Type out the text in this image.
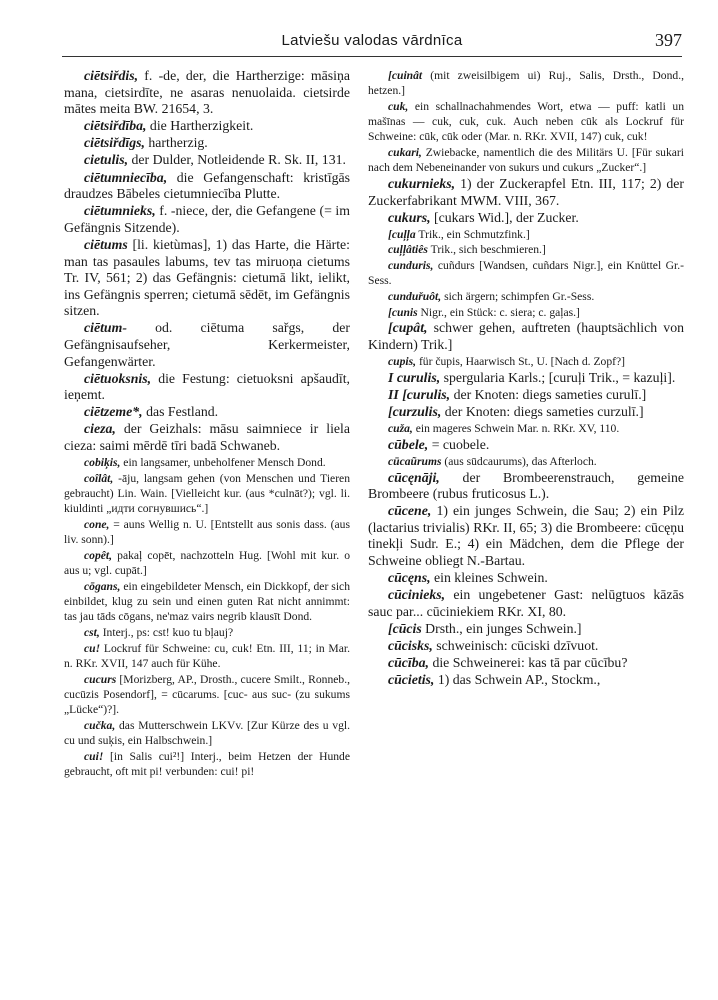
Latviešu valodas vārdnīca	397

ciētsiřdis, f. -de, der, die Hartherzige: māsiņa mana, cietsirdīte, ne asaras nenuolaida. cietsirde mātes meita BW. 21654, 3.

ciētsiřdība, die Hartherzigkeit.

ciētsiřdīgs, hartherzig.

cietulis, der Dulder, Notleidende R. Sk. II, 131.

ciētumniecība, die Gefangenschaft: kristīgās draudzes Bābeles cietumniecība Plutte.

ciētumnieks, f. -niece, der, die Gefangene (= im Gefängnis Sitzende).

ciētums [li. kietùmas], 1) das Harte, die Härte: man tas pasaules labums, tev tas miruoņa cietums Tr. IV, 561; 2) das Gefängnis: cietumā likt, ielikt, ins Gefängnis sperren; cietumā sēdēt, im Gefängnis sitzen.

ciētum- od. ciētuma sařgs, der Gefängnisaufseher, Kerkermeister, Gefangenwärter.

ciētuoksnis, die Festung: cietuoksni apšaudīt, ieņemt.

ciētzeme*, das Festland.

cieza, der Geizhals: māsu saimniece ir liela cieza: saimi mērdē tīri badā Schwaneb.

cobiķis, ein langsamer, unbeholfener Mensch Dond.

coîlât, -āju, langsam gehen (von Menschen und Tieren gebraucht) Lin. Wain. [Vielleicht kur. (aus *culnāt?); vgl. li. kiuldinti „идти согнувшись“.]

cone, = auns Wellig n. U. [Entstellt aus sonis dass. (aus liv. sonn).]

copêt, pakaļ copēt, nachzotteln Hug. [Wohl mit kur. o aus u; vgl. cupāt.]

cōgans, ein eingebildeter Mensch, ein Dickkopf, der sich einbildet, klug zu sein und einen guten Rat nicht annimmt: tas jau tāds cōgans, ne'maz vairs negrib klausīt Dond.

cst, Interj., ps: cst! kuo tu bļauj?

cu! Lockruf für Schweine: cu, cuk! Etn. III, 11; in Mar. n. RKr. XVII, 147 auch für Kühe.

cucurs [Morizberg, AP., Drosth., cucere Smilt., Ronneb., cucūzis Posendorf], = cūcarums. [cuc- aus suc- (zu sukums „Lücke“)?].

cučka, das Mutterschwein LKVv. [Zur Kürze des u vgl. cu und suķis, ein Halbschwein.]

cui! [in Salis cui²!] Interj., beim Hetzen der Hunde gebraucht, oft mit pi! verbunden: cui! pi!

[cuinât (mit zweisilbigem ui) Ruj., Salis, Drsth., Dond., hetzen.]

cuk, ein schallnachahmendes Wort, etwa — puff: katli un mašīnas — cuk, cuk, cuk. Auch neben cūk als Lockruf für Schweine: cūk, cūk oder (Mar. n. RKr. XVII, 147) cuk, cuk!

cukari, Zwiebacke, namentlich die des Militärs U. [Für sukari nach dem Nebeneinander von sukurs und cukurs „Zucker“.]

cukurnieks, 1) der Zuckerapfel Etn. III, 117; 2) der Zuckerfabrikant MWM. VIII, 367.

cukurs, [cukars Wid.], der Zucker.

[cuļļa Trik., ein Schmutzfink.]

cuļļâtiês Trik., sich beschmieren.]

cunduris, cuñdurs [Wandsen, cuñdars Nigr.], ein Knüttel Gr.-Sess.

cunduřuôt, sich ärgern; schimpfen Gr.-Sess.

[cunis Nigr., ein Stück: c. siera; c. gaļas.]

[cupât, schwer gehen, auftreten (hauptsächlich von Kindern) Trik.]

cupis, für čupis, Haarwisch St., U. [Nach d. Zopf?]

I curulis, spergularia Karls.; [curuļi Trik., = kazuļi].

II [curulis, der Knoten: diegs sameties curulī.]

[curzulis, der Knoten: diegs sameties curzulī.]

cuža, ein mageres Schwein Mar. n. RKr. XV, 110.

cūbele, = cuobele.

cūcaũrums (aus sūdcaurums), das Afterloch.

cūcęnāji, der Brombeerenstrauch, gemeine Brombeere (rubus fruticosus L.).

cūcene, 1) ein junges Schwein, die Sau; 2) ein Pilz (lactarius trivialis) RKr. II, 65; 3) die Brombeere: cūcęņu tinekļi Sudr. E.; 4) ein Mädchen, dem die Pflege der Schweine obliegt N.-Bartau.

cūcęns, ein kleines Schwein.

cūcinieks, ein ungebetener Gast: nelūgtuos kāzās sauc par... cūciniekiem RKr. XI, 80.

[cūcis Drsth., ein junges Schwein.]

cūcisks, schweinisch: cūciski dzīvuot.

cūcība, die Schweinerei: kas tā par cūcību?

cūcietis, 1) das Schwein AP., Stockm.,
